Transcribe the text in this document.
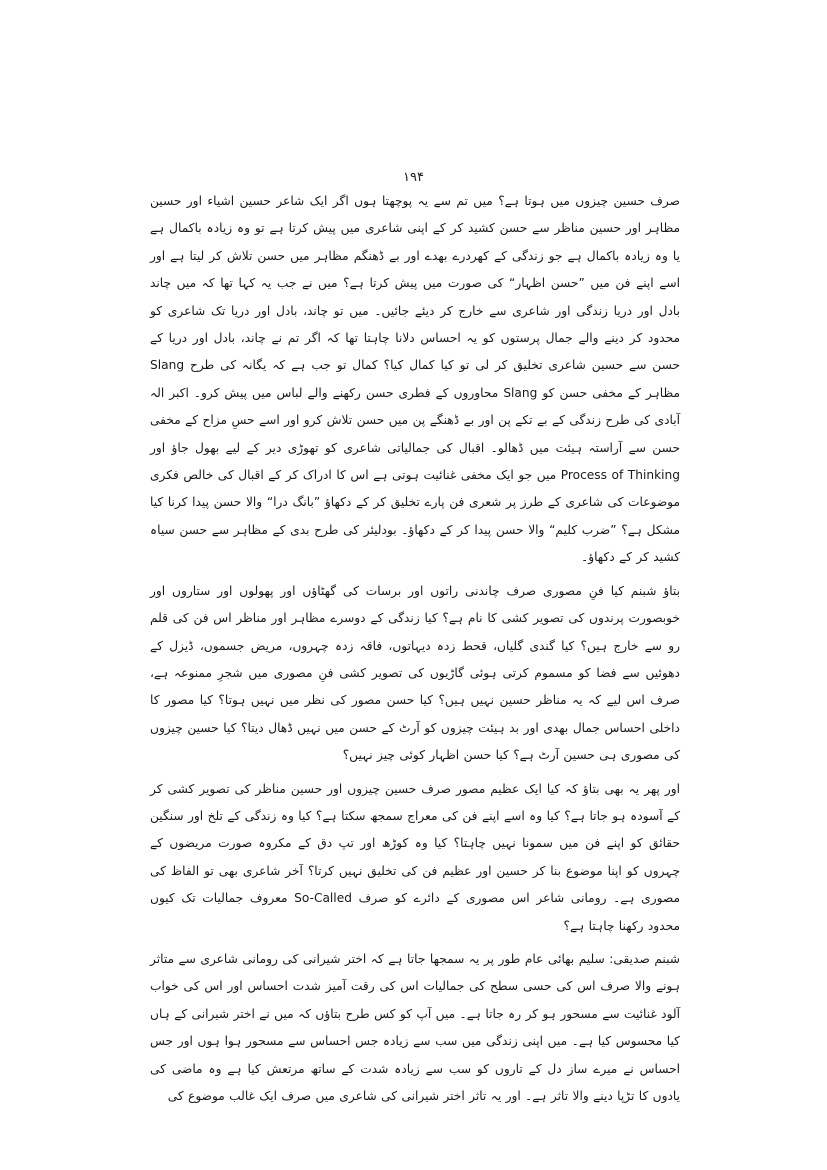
۱۹۴

صرف حسین چیزوں میں ہوتا ہے؟ میں تم سے یہ پوچھتا ہوں اگر ایک شاعر حسین اشیاء اور حسین مظاہر اور حسین مناظر سے حسن کشید کر کے اپنی شاعری میں پیش کرتا ہے تو وہ زیادہ باکمال ہے یا وہ زیادہ باکمال ہے جو زندگی کے کھردرے بھدے اور بے ڈھنگم مظاہر میں حسن تلاش کر لیتا ہے اور اسے اپنے فن میں ”حسن اظہار“ کی صورت میں پیش کرتا ہے؟ میں نے جب یہ کہا تھا کہ میں چاند بادل اور دریا زندگی اور شاعری سے خارج کر دیئے جائیں۔ میں تو چاند، بادل اور دریا تک شاعری کو محدود کر دینے والے جمال پرستوں کو یہ احساس دلانا چاہتا تھا کہ اگر تم نے چاند، بادل اور دریا کے حسن سے حسین شاعری تخلیق کر لی تو کیا کمال کیا؟ کمال تو جب ہے کہ یگانہ کی طرح Slang مظاہر کے مخفی حسن کو Slang محاوروں کے فطری حسن رکھنے والے لباس میں پیش کرو۔ اکبر الہ آبادی کی طرح زندگی کے بے تکے پن اور بے ڈھنگے پن میں حسن تلاش کرو اور اسے حسِ مزاح کے مخفی حسن سے آراستہ ہیئت میں ڈھالو۔ اقبال کی جمالیاتی شاعری کو تھوڑی دیر کے لیے بھول جاؤ اور Process of Thinking میں جو ایک مخفی غنائیت ہوتی ہے اس کا ادراک کر کے اقبال کی خالص فکری موضوعات کی شاعری کے طرز پر شعری فن پارے تخلیق کر کے دکھاؤ ”بانگ درا“ والا حسن پیدا کرنا کیا مشکل ہے؟ ”ضرب کلیم“ والا حسن پیدا کر کے دکھاؤ۔ بودلیئر کی طرح بدی کے مظاہر سے حسن سیاہ کشید کر کے دکھاؤ۔

بتاؤ شبنم کیا فنِ مصوری صرف چاندنی راتوں اور برسات کی گھٹاؤں اور پھولوں اور ستاروں اور خوبصورت پرندوں کی تصویر کشی کا نام ہے؟ کیا زندگی کے دوسرے مظاہر اور مناظر اس فن کی قلم رو سے خارج ہیں؟ کیا گندی گلیاں، قحط زدہ دیہاتوں، فاقہ زدہ چہروں، مریض جسموں، ڈیزل کے دھوئیں سے فضا کو مسموم کرتی ہوئی گاڑیوں کی تصویر کشی فنِ مصوری میں شجرِ ممنوعہ ہے، صرف اس لیے کہ یہ مناظر حسین نہیں ہیں؟ کیا حسن مصور کی نظر میں نہیں ہوتا؟ کیا مصور کا داخلی احساس جمال بھدی اور بد ہیئت چیزوں کو آرٹ کے حسن میں نہیں ڈھال دیتا؟ کیا حسین چیزوں کی مصوری ہی حسین آرٹ ہے؟ کیا حسن اظہار کوئی چیز نہیں؟

اور پھر یہ بھی بتاؤ کہ کیا ایک عظیم مصور صرف حسین چیزوں اور حسین مناظر کی تصویر کشی کر کے آسودہ ہو جاتا ہے؟ کیا وہ اسے اپنے فن کی معراج سمجھ سکتا ہے؟ کیا وہ زندگی کے تلخ اور سنگین حقائق کو اپنے فن میں سمونا نہیں چاہتا؟ کیا وہ کوڑھ اور تپ دق کے مکروہ صورت مریضوں کے چہروں کو اپنا موضوع بنا کر حسین اور عظیم فن کی تخلیق نہیں کرتا؟ آخر شاعری بھی تو الفاظ کی مصوری ہے۔ رومانی شاعر اس مصوری کے دائرے کو صرف So-Called معروف جمالیات تک کیوں محدود رکھنا چاہتا ہے؟

شبنم صدیقی: سلیم بھائی عام طور پر یہ سمجھا جاتا ہے کہ اختر شیرانی کی رومانی شاعری سے متاثر ہونے والا صرف اس کی حسی سطح کی جمالیات اس کی رقت آمیز شدت احساس اور اس کی خواب آلود غنائیت سے مسحور ہو کر رہ جاتا ہے۔ میں آپ کو کس طرح بتاؤں کہ میں نے اختر شیرانی کے ہاں کیا محسوس کیا ہے۔ میں اپنی زندگی میں سب سے زیادہ جس احساس سے مسحور ہوا ہوں اور جس احساس نے میرے ساز دل کے تاروں کو سب سے زیادہ شدت کے ساتھ مرتعش کیا ہے وہ ماضی کی یادوں کا تڑپا دینے والا تاثر ہے۔ اور یہ تاثر اختر شیرانی کی شاعری میں صرف ایک غالب موضوع کی
